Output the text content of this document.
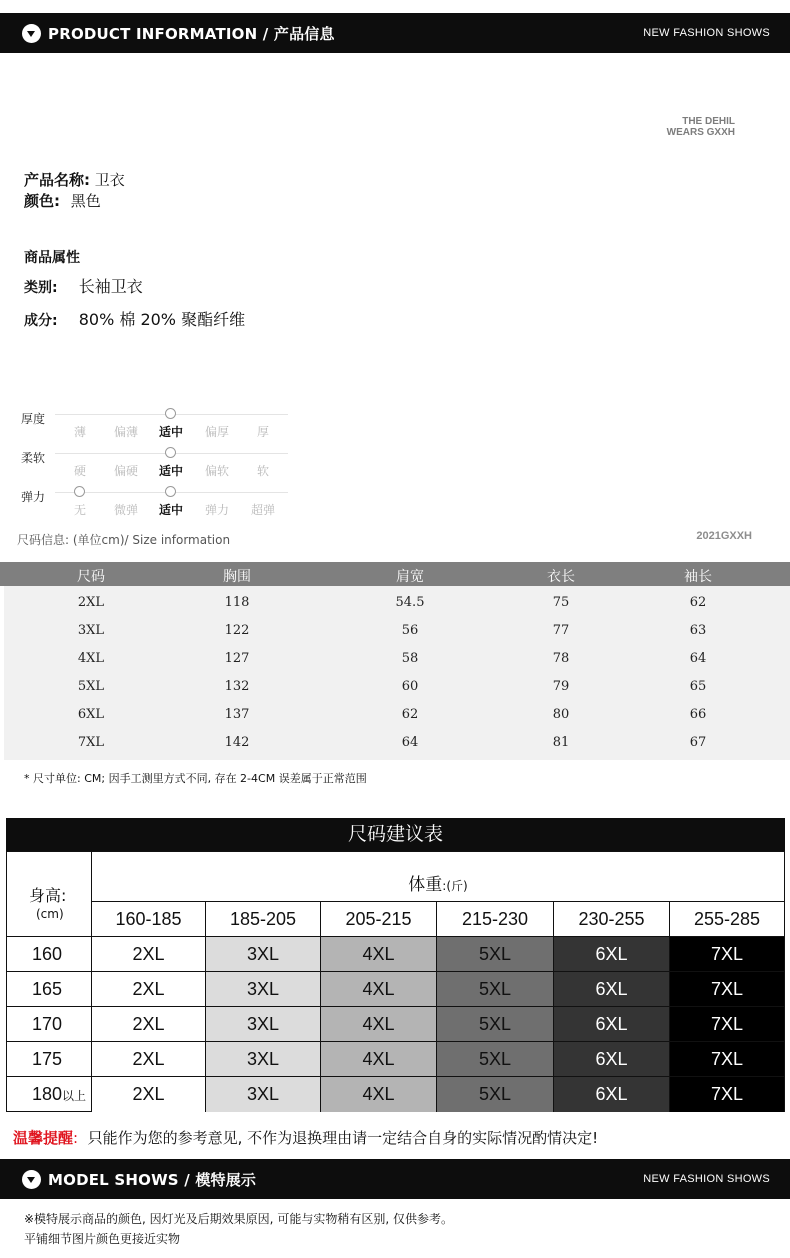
PRODUCT INFORMATION / 产品信息	NEW FASHION SHOWS
THE DEHIL
WEARS GXXH
产品名称: 卫衣
颜色: 黑色
商品属性
类别: 长袖卫衣
成分: 80% 棉 20% 聚酯纤维
厚度
薄	偏薄	适中	偏厚	厚
柔软
硬	偏硬	适中	偏软	软
弹力
无	微弹	适中	弹力	超弹
尺码信息: (单位cm)/ Size information	2021GXXH
尺码	胸围	肩宽	衣长	袖长
2XL	118	54.5	75	62
3XL	122	56	77	63
4XL	127	58	78	64
5XL	132	60	79	65
6XL	137	62	80	66
7XL	142	64	81	67
* 尺寸单位: CM; 因手工测里方式不同, 存在 2-4CM 误差属于正常范围
尺码建议表
身高:
(cm)
体重:(斤)
160-185	185-205	205-215	215-230	230-255	255-285
160	2XL	3XL	4XL	5XL	6XL	7XL
165	2XL	3XL	4XL	5XL	6XL	7XL
170	2XL	3XL	4XL	5XL	6XL	7XL
175	2XL	3XL	4XL	5XL	6XL	7XL
180以上	2XL	3XL	4XL	5XL	6XL	7XL
温馨提醒: 只能作为您的参考意见, 不作为退换理由请一定结合自身的实际情况酌情决定!
MODEL SHOWS / 模特展示	NEW FASHION SHOWS
※模特展示商品的颜色, 因灯光及后期效果原因, 可能与实物稍有区别, 仅供参考。
平铺细节图片颜色更接近实物
